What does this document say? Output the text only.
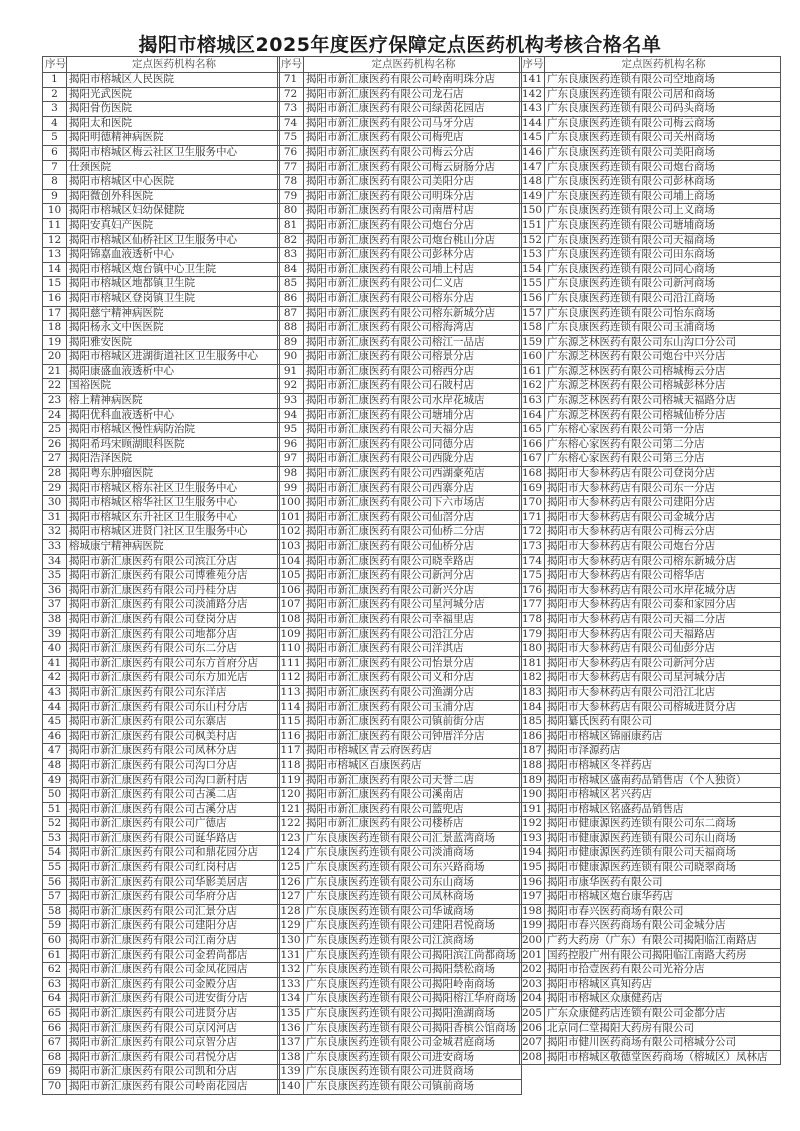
揭阳市榕城区2025年度医疗保障定点医药机构考核合格名单
序号	定点医药机构名称
1	揭阳市榕城区人民医院
2	揭阳光武医院
3	揭阳骨伤医院
4	揭阳太和医院
5	揭阳明德精神病医院
6	揭阳市榕城区梅云社区卫生服务中心
7	仕颈医院
8	揭阳市榕城区中心医院
9	揭阳微创外科医院
10	揭阳市榕城区妇幼保健院
11	揭阳安真妇产医院
12	揭阳市榕城区仙桥社区卫生服务中心
13	揭阳锦嘉血液透析中心
14	揭阳市榕城区炮台镇中心卫生院
15	揭阳市榕城区地都镇卫生院
16	揭阳市榕城区登岗镇卫生院
17	揭阳慈宁精神病医院
18	揭阳杨永文中医医院
19	揭阳雅安医院
20	揭阳市榕城区进湖街道社区卫生服务中心
21	揭阳康盛血液透析中心
22	国裕医院
23	榕上精神病医院
24	揭阳优科血液透析中心
25	揭阳市榕城区慢性病防治院
26	揭阳希玛宋顾湖眼科医院
27	揭阳浩泽医院
28	揭阳粤东肿瘤医院
29	揭阳市榕城区榕东社区卫生服务中心
30	揭阳市榕城区榕华社区卫生服务中心
31	揭阳市榕城区东升社区卫生服务中心
32	揭阳市榕城区进贤门社区卫生服务中心
33	榕城康宁精神病医院
34	揭阳市新汇康医药有限公司滨江分店
35	揭阳市新汇康医药有限公司博雅苑分店
36	揭阳市新汇康医药有限公司丹桂分店
37	揭阳市新汇康医药有限公司淡浦路分店
38	揭阳市新汇康医药有限公司登岗分店
39	揭阳市新汇康医药有限公司地都分店
40	揭阳市新汇康医药有限公司东二分店
41	揭阳市新汇康医药有限公司东方首府分店
42	揭阳市新汇康医药有限公司东方加光店
43	揭阳市新汇康医药有限公司东洋店
44	揭阳市新汇康医药有限公司东山村分店
45	揭阳市新汇康医药有限公司东寨店
46	揭阳市新汇康医药有限公司枫美村店
47	揭阳市新汇康医药有限公司凤林分店
48	揭阳市新汇康医药有限公司沟口分店
49	揭阳市新汇康医药有限公司沟口新村店
50	揭阳市新汇康医药有限公司古溪二店
51	揭阳市新汇康医药有限公司古溪分店
52	揭阳市新汇康医药有限公司广德店
53	揭阳市新汇康医药有限公司诞华路店
54	揭阳市新汇康医药有限公司和鼎花园分店
55	揭阳市新汇康医药有限公司红岗村店
56	揭阳市新汇康医药有限公司华影美居店
57	揭阳市新汇康医药有限公司华府分店
58	揭阳市新汇康医药有限公司汇景分店
59	揭阳市新汇康医药有限公司建阳分店
60	揭阳市新汇康医药有限公司江南分店
61	揭阳市新汇康医药有限公司金碧尚都店
62	揭阳市新汇康医药有限公司金凤花园店
63	揭阳市新汇康医药有限公司金殿分店
64	揭阳市新汇康医药有限公司进安街分店
65	揭阳市新汇康医药有限公司进贤分店
66	揭阳市新汇康医药有限公司京冈河店
67	揭阳市新汇康医药有限公司京智分店
68	揭阳市新汇康医药有限公司君悦分店
69	揭阳市新汇康医药有限公司凯和分店
70	揭阳市新汇康医药有限公司岭南花园店
序号	定点医药机构名称
71	揭阳市新汇康医药有限公司岭南明珠分店
72	揭阳市新汇康医药有限公司龙石店
73	揭阳市新汇康医药有限公司绿茵花园店
74	揭阳市新汇康医药有限公司马牙分店
75	揭阳市新汇康医药有限公司梅兜店
76	揭阳市新汇康医药有限公司梅云分店
77	揭阳市新汇康医药有限公司梅云厨肠分店
78	揭阳市新汇康医药有限公司美阳分店
79	揭阳市新汇康医药有限公司明珠分店
80	揭阳市新汇康医药有限公司南厝村店
81	揭阳市新汇康医药有限公司炮台分店
82	揭阳市新汇康医药有限公司炮台桃山分店
83	揭阳市新汇康医药有限公司彭林分店
84	揭阳市新汇康医药有限公司埔上村店
85	揭阳市新汇康医药有限公司仁义店
86	揭阳市新汇康医药有限公司榕东分店
87	揭阳市新汇康医药有限公司榕东新城分店
88	揭阳市新汇康医药有限公司榕海湾店
89	揭阳市新汇康医药有限公司榕江一品店
90	揭阳市新汇康医药有限公司榕景分店
91	揭阳市新汇康医药有限公司榕西分店
92	揭阳市新汇康医药有限公司石陂村店
93	揭阳市新汇康医药有限公司水岸花城店
94	揭阳市新汇康医药有限公司塘埔分店
95	揭阳市新汇康医药有限公司天福分店
96	揭阳市新汇康医药有限公司同德分店
97	揭阳市新汇康医药有限公司西陇分店
98	揭阳市新汇康医药有限公司西湖豪苑店
99	揭阳市新汇康医药有限公司西寨分店
100	揭阳市新汇康医药有限公司下六市场店
101	揭阳市新汇康医药有限公司仙滘分店
102	揭阳市新汇康医药有限公司仙桥二分店
103	揭阳市新汇康医药有限公司仙桥分店
104	揭阳市新汇康医药有限公司晓幸路店
105	揭阳市新汇康医药有限公司新河分店
106	揭阳市新汇康医药有限公司新兴分店
107	揭阳市新汇康医药有限公司星河城分店
108	揭阳市新汇康医药有限公司幸福里店
109	揭阳市新汇康医药有限公司沿江分店
110	揭阳市新汇康医药有限公司洋淇店
111	揭阳市新汇康医药有限公司怡景分店
112	揭阳市新汇康医药有限公司义和分店
113	揭阳市新汇康医药有限公司渔湖分店
114	揭阳市新汇康医药有限公司玉浦分店
115	揭阳市新汇康医药有限公司镇前街分店
116	揭阳市新汇康医药有限公司钟厝洋分店
117	揭阳市榕城区青云府医药店
118	揭阳市榕城区百康医药店
119	揭阳市新汇康医药有限公司天誉二店
120	揭阳市新汇康医药有限公司溪南店
121	揭阳市新汇康医药有限公司篮兜店
122	揭阳市新汇康医药有限公司楼桥店
123	广东良康医药连锁有限公司汇景蓝湾商场
124	广东良康医药连锁有限公司淡浦商场
125	广东良康医药连锁有限公司东兴路商场
126	广东良康医药连锁有限公司东山商场
127	广东良康医药连锁有限公司凤林商场
128	广东良康医药连锁有限公司华诚商场
129	广东良康医药连锁有限公司建阳君悦商场
130	广东良康医药连锁有限公司江滨商场
131	广东良康医药连锁有限公司揭阳滨江尚都商场
132	广东良康医药连锁有限公司揭阳禁松商场
133	广东良康医药连锁有限公司揭阳岭南商场
134	广东良康医药连锁有限公司揭阳榕江华府商场
135	广东良康医药连锁有限公司揭阳渔湖商场
136	广东良康医药连锁有限公司揭阳香槟公馆商场
137	广东良康医药连锁有限公司金城君庭商场
138	广东良康医药连锁有限公司进安商场
139	广东良康医药连锁有限公司进贤商场
140	广东良康医药连锁有限公司镇前商场
序号	定点医药机构名称
141	广东良康医药连锁有限公司空地商场
142	广东良康医药连锁有限公司居和商场
143	广东良康医药连锁有限公司码头商场
144	广东良康医药连锁有限公司梅云商场
145	广东良康医药连锁有限公司关州商场
146	广东良康医药连锁有限公司美阳商场
147	广东良康医药连锁有限公司炮台商场
148	广东良康医药连锁有限公司彭林商场
149	广东良康医药连锁有限公司埔上商场
150	广东良康医药连锁有限公司上义商场
151	广东良康医药连锁有限公司塘埔商场
152	广东良康医药连锁有限公司天福商场
153	广东良康医药连锁有限公司田东商场
154	广东良康医药连锁有限公司同心商场
155	广东良康医药连锁有限公司新河商场
156	广东良康医药连锁有限公司沿江商场
157	广东良康医药连锁有限公司怡东商场
158	广东良康医药连锁有限公司玉浦商场
159	广东源芝林医药有限公司东山沟口分公司
160	广东源芝林医药有限公司炮台中兴分店
161	广东源芝林医药有限公司榕城梅云分店
162	广东源芝林医药有限公司榕城彭林分店
163	广东源芝林医药有限公司榕城天福路分店
164	广东源芝林医药有限公司榕城仙桥分店
165	广东榕心家医药有限公司第一分店
166	广东榕心家医药有限公司第二分店
167	广东榕心家医药有限公司第三分店
168	揭阳市大参林药店有限公司登岗分店
169	揭阳市大参林药店有限公司东一分店
170	揭阳市大参林药店有限公司建阳分店
171	揭阳市大参林药店有限公司金城分店
172	揭阳市大参林药店有限公司梅云分店
173	揭阳市大参林药店有限公司炮台分店
174	揭阳市大参林药店有限公司榕东新城分店
175	揭阳市大参林药店有限公司榕华店
176	揭阳市大参林药店有限公司水岸花城分店
177	揭阳市大参林药店有限公司泰和家园分店
178	揭阳市大参林药店有限公司天福二分店
179	揭阳市大参林药店有限公司天福路店
180	揭阳市大参林药店有限公司仙彭分店
181	揭阳市大参林药店有限公司新河分店
182	揭阳市大参林药店有限公司星河城分店
183	揭阳市大参林药店有限公司沿江北店
184	揭阳市大参林药店有限公司榕城进贤分店
185	揭阳纂氏医药有限公司
186	揭阳市榕城区锦丽康药店
187	揭阳市泽源药店
188	揭阳市榕城区冬祥药店
189	揭阳市榕城区盛南药品销售店（个人独资）
190	揭阳市榕城区茗兴药店
191	揭阳市榕城区铭盛药品销售店
192	揭阳市健康源医药连锁有限公司东二商场
193	揭阳市健康源医药连锁有限公司东山商场
194	揭阳市健康源医药连锁有限公司天福商场
195	揭阳市健康源医药连锁有限公司晓翠商场
196	揭阳市康华医药有限公司
197	揭阳市榕城区炮台康华药店
198	揭阳市春兴医药商场有限公司
199	揭阳市春兴医药商场有限公司金城分店
200	广药大药房（广东）有限公司揭阳临江南路店
201	国药控股广州有限公司揭阳临江南路大药房
202	揭阳市拾壹医药有限公司光裕分店
203	揭阳市榕城区真知药店
204	揭阳市榕城区众康健药店
205	广东众康健药店连锁有限公司金都分店
206	北京同仁堂揭阳大药房有限公司
207	揭阳市健川医药商场有限公司榕城分公司
208	揭阳市榕城区敬德堂医药商场（榕城区）凤林店
